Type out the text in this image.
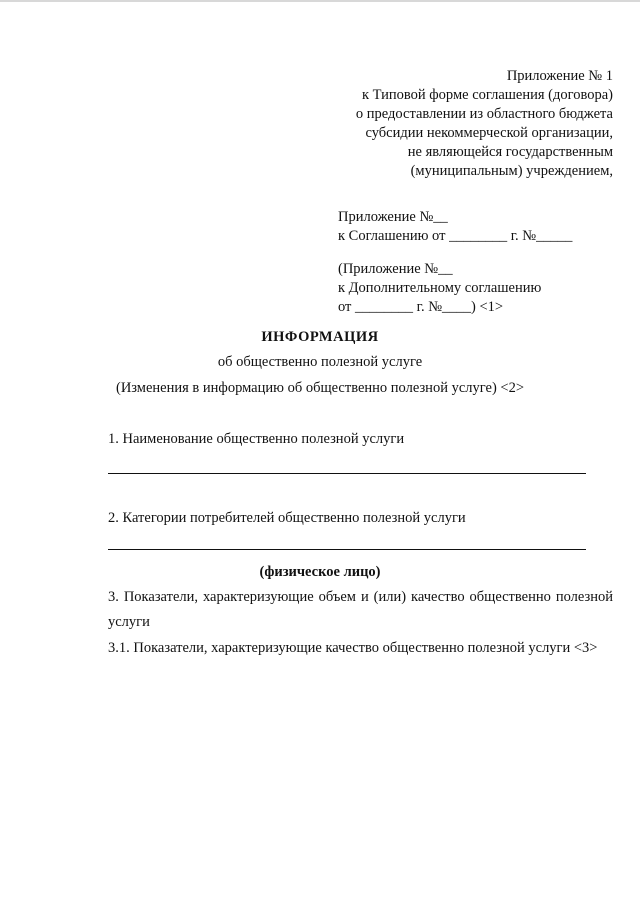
Приложение № 1
к Типовой форме соглашения (договора)
о предоставлении из областного бюджета
субсидии некоммерческой организации,
не являющейся государственным
(муниципальным) учреждением,
Приложение №__
к Соглашению от ________ г. №_____
(Приложение №__
к Дополнительному соглашению
от ________ г. №____) <1>
ИНФОРМАЦИЯ
об общественно полезной услуге
(Изменения в информацию об общественно полезной услуге) <2>
1. Наименование общественно полезной услуги
2. Категории потребителей общественно полезной услуги
(физическое лицо)
3. Показатели, характеризующие объем и (или) качество общественно полезной услуги
3.1. Показатели, характеризующие качество общественно полезной услуги <3>
